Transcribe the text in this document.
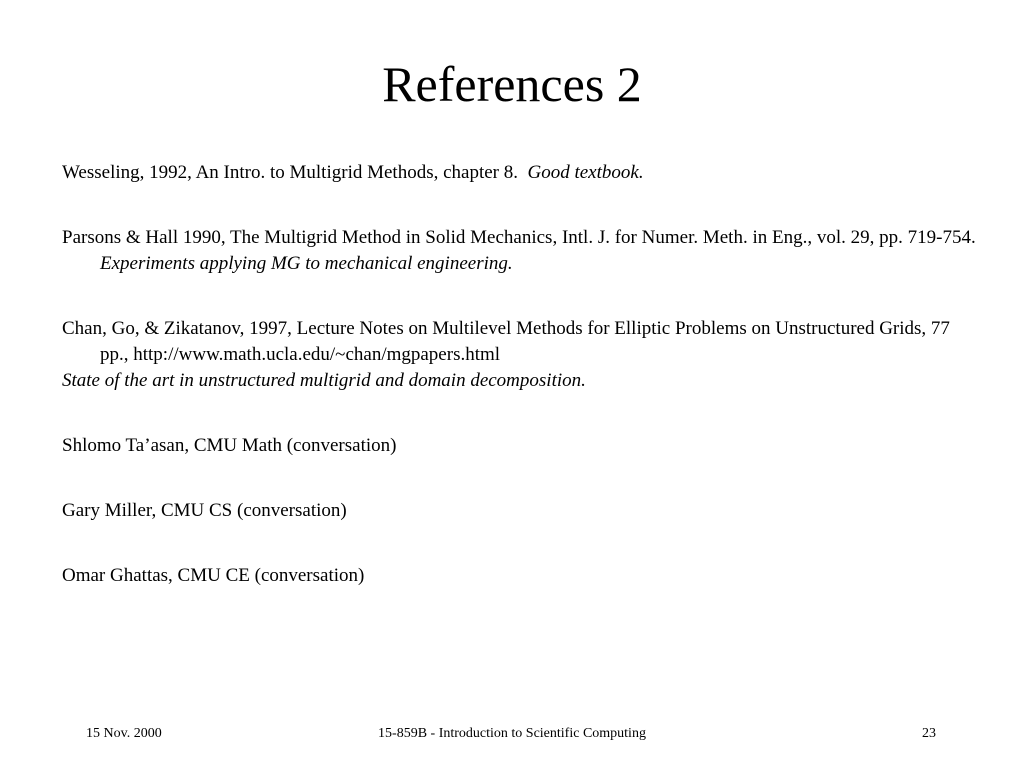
References 2

Wesseling, 1992, An Intro. to Multigrid Methods, chapter 8. Good textbook.

Parsons & Hall 1990, The Multigrid Method in Solid Mechanics, Intl. J. for Numer. Meth. in Eng., vol. 29, pp. 719-754.  Experiments applying MG to mechanical engineering.

Chan, Go, & Zikatanov, 1997, Lecture Notes on Multilevel Methods for Elliptic Problems on Unstructured Grids, 77 pp., http://www.math.ucla.edu/~chan/mgpapers.html
State of the art in unstructured multigrid and domain decomposition.

Shlomo Ta’asan, CMU Math (conversation)

Gary Miller, CMU CS (conversation)

Omar Ghattas, CMU CE (conversation)

15 Nov. 2000	15-859B - Introduction to Scientific Computing	23
